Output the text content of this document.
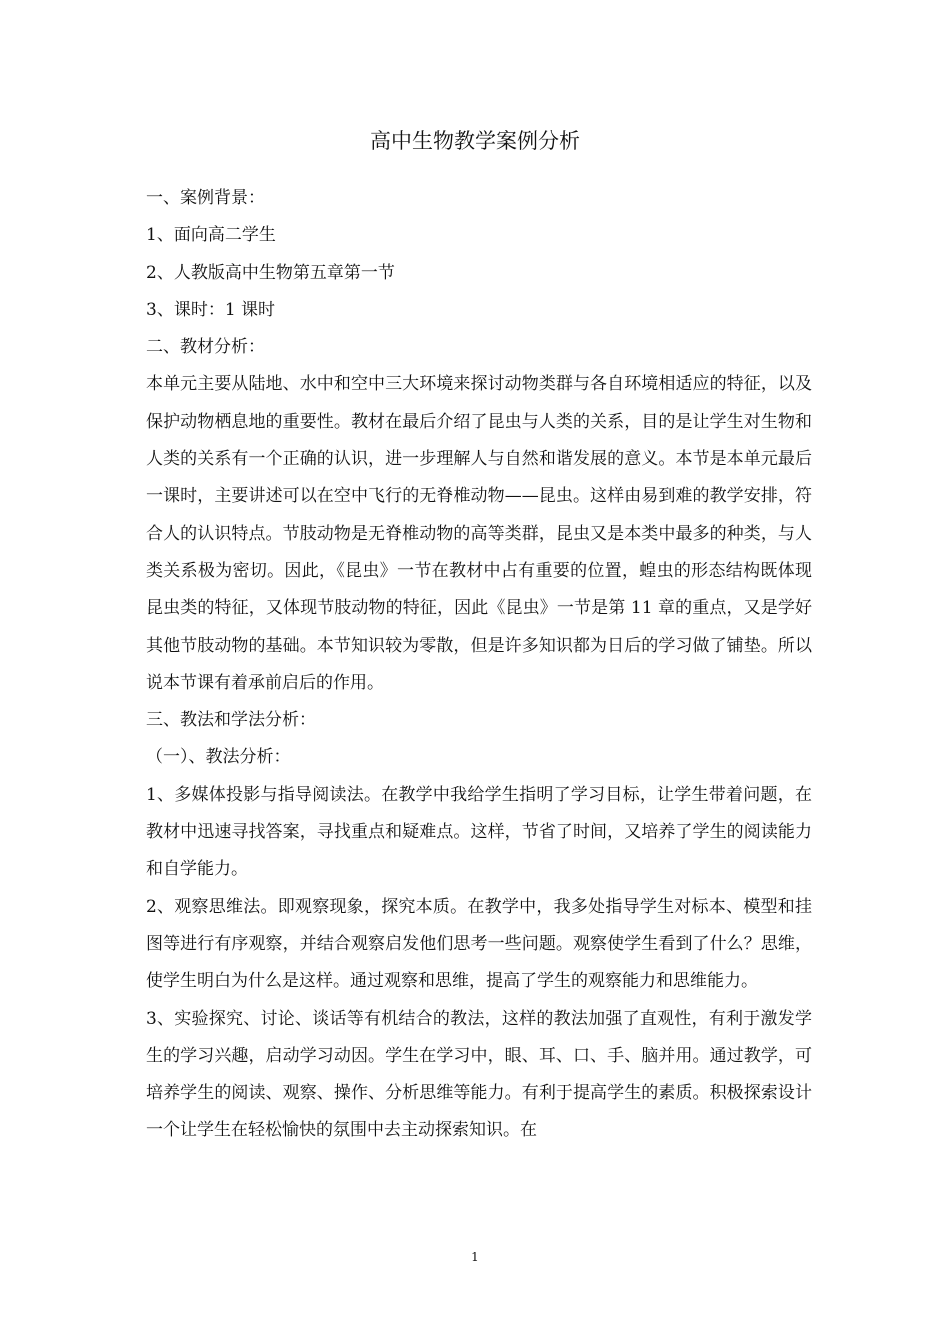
高中生物教学案例分析

一、案例背景：

1、面向高二学生

2、人教版高中生物第五章第一节

3、课时：1 课时

二、教材分析：

本单元主要从陆地、水中和空中三大环境来探讨动物类群与各自环境相适应的特征，以及保护动物栖息地的重要性。教材在最后介绍了昆虫与人类的关系，目的是让学生对生物和人类的关系有一个正确的认识，进一步理解人与自然和谐发展的意义。本节是本单元最后一课时，主要讲述可以在空中飞行的无脊椎动物——昆虫。这样由易到难的教学安排，符合人的认识特点。节肢动物是无脊椎动物的高等类群，昆虫又是本类中最多的种类，与人类关系极为密切。因此，《昆虫》一节在教材中占有重要的位置，蝗虫的形态结构既体现昆虫类的特征，又体现节肢动物的特征，因此《昆虫》一节是第 11 章的重点，又是学好其他节肢动物的基础。本节知识较为零散，但是许多知识都为日后的学习做了铺垫。所以说本节课有着承前启后的作用。

三、教法和学法分析：

（一）、教法分析：

1、多媒体投影与指导阅读法。在教学中我给学生指明了学习目标，让学生带着问题，在教材中迅速寻找答案，寻找重点和疑难点。这样，节省了时间，又培养了学生的阅读能力和自学能力。

2、观察思维法。即观察现象，探究本质。在教学中，我多处指导学生对标本、模型和挂图等进行有序观察，并结合观察启发他们思考一些问题。观察使学生看到了什么？思维，使学生明白为什么是这样。通过观察和思维，提高了学生的观察能力和思维能力。

3、实验探究、讨论、谈话等有机结合的教法，这样的教法加强了直观性，有利于激发学生的学习兴趣，启动学习动因。学生在学习中，眼、耳、口、手、脑并用。通过教学，可培养学生的阅读、观察、操作、分析思维等能力。有利于提高学生的素质。积极探索设计一个让学生在轻松愉快的氛围中去主动探索知识。在

1
